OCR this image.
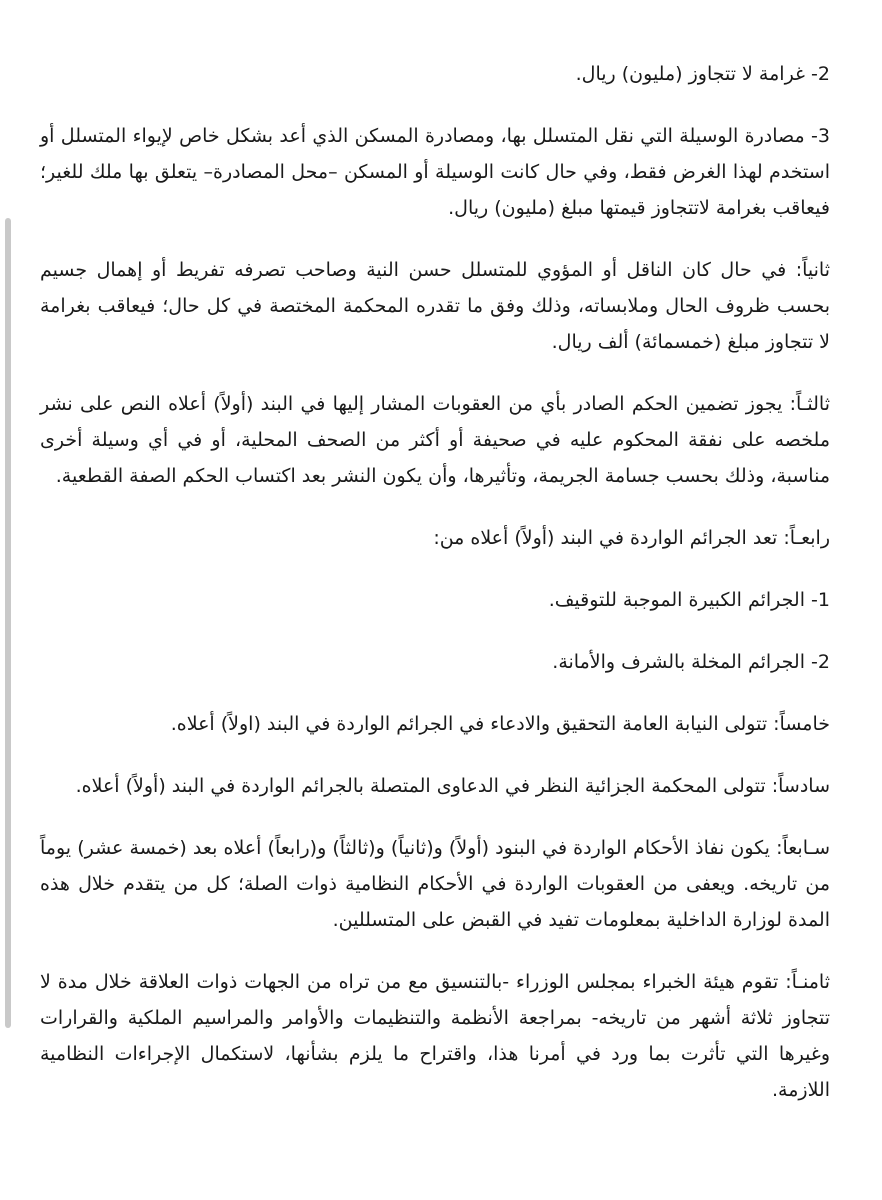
2- غرامة لا تتجاوز (مليون) ريال.

3- مصادرة الوسيلة التي نقل المتسلل بها، ومصادرة المسكن الذي أعد بشكل خاص لإيواء المتسلل أو استخدم لهذا الغرض فقط، وفي حال كانت الوسيلة أو المسكن –محل المصادرة– يتعلق بها ملك للغير؛ فيعاقب بغرامة لاتتجاوز قيمتها مبلغ (مليون) ريال.

ثانياً: في حال كان الناقل أو المؤوي للمتسلل حسن النية وصاحب تصرفه تفريط أو إهمال جسيم بحسب ظروف الحال وملابساته، وذلك وفق ما تقدره المحكمة المختصة في كل حال؛ فيعاقب بغرامة لا تتجاوز مبلغ (خمسمائة) ألف ريال.

ثالثـاً: يجوز تضمين الحكم الصادر بأي من العقوبات المشار إليها في البند (أولاً) أعلاه النص على نشر ملخصه على نفقة المحكوم عليه في صحيفة أو أكثر من الصحف المحلية، أو في أي وسيلة أخرى مناسبة، وذلك بحسب جسامة الجريمة، وتأثيرها، وأن يكون النشر بعد اكتساب الحكم الصفة القطعية.

رابعـاً: تعد الجرائم الواردة في البند (أولاً) أعلاه من:

1- الجرائم الكبيرة الموجبة للتوقيف.

2- الجرائم المخلة بالشرف والأمانة.

خامساً: تتولى النيابة العامة التحقيق والادعاء في الجرائم الواردة في البند (اولاً) أعلاه.

سادساً: تتولى المحكمة الجزائية النظر في الدعاوى المتصلة بالجرائم الواردة في البند (أولاً) أعلاه.

سـابعاً: يكون نفاذ الأحكام الواردة في البنود (أولاً) و(ثانياً) و(ثالثاً) و(رابعاً) أعلاه بعد (خمسة عشر) يوماً من تاريخه. ويعفى من العقوبات الواردة في الأحكام النظامية ذوات الصلة؛ كل من يتقدم خلال هذه المدة لوزارة الداخلية بمعلومات تفيد في القبض على المتسللين.

ثامنـاً: تقوم هيئة الخبراء بمجلس الوزراء -بالتنسيق مع من تراه من الجهات ذوات العلاقة خلال مدة لا تتجاوز ثلاثة أشهر من تاريخه- بمراجعة الأنظمة والتنظيمات والأوامر والمراسيم الملكية والقرارات وغيرها التي تأثرت بما ورد في أمرنا هذا، واقتراح ما يلزم بشأنها، لاستكمال الإجراءات النظامية اللازمة.
